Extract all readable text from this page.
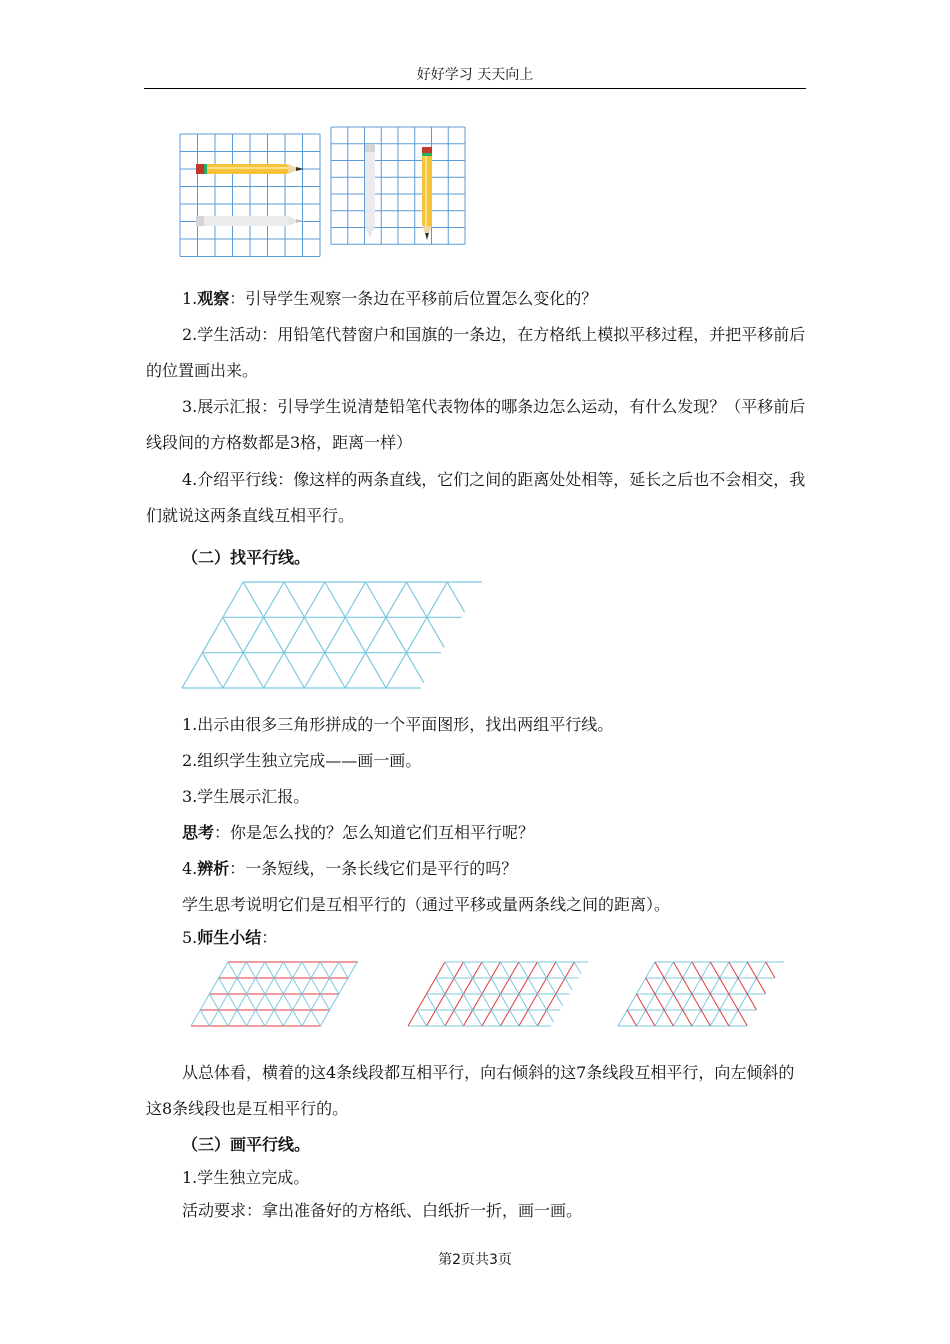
好好学习 天天向上

1.观察：引导学生观察一条边在平移前后位置怎么变化的？

2.学生活动：用铅笔代替窗户和国旗的一条边，在方格纸上模拟平移过程，并把平移前后的位置画出来。

3.展示汇报：引导学生说清楚铅笔代表物体的哪条边怎么运动，有什么发现？（平移前后线段间的方格数都是3格，距离一样）

4.介绍平行线：像这样的两条直线，它们之间的距离处处相等，延长之后也不会相交，我们就说这两条直线互相平行。

（二）找平行线。

1.出示由很多三角形拼成的一个平面图形，找出两组平行线。

2.组织学生独立完成——画一画。

3.学生展示汇报。

思考：你是怎么找的？怎么知道它们互相平行呢？

4.辨析：一条短线，一条长线它们是平行的吗？

学生思考说明它们是互相平行的（通过平移或量两条线之间的距离）。

5.师生小结：

从总体看，横着的这4条线段都互相平行，向右倾斜的这7条线段互相平行，向左倾斜的这8条线段也是互相平行的。

（三）画平行线。

1.学生独立完成。

活动要求：拿出准备好的方格纸、白纸折一折，画一画。

第2页共3页
